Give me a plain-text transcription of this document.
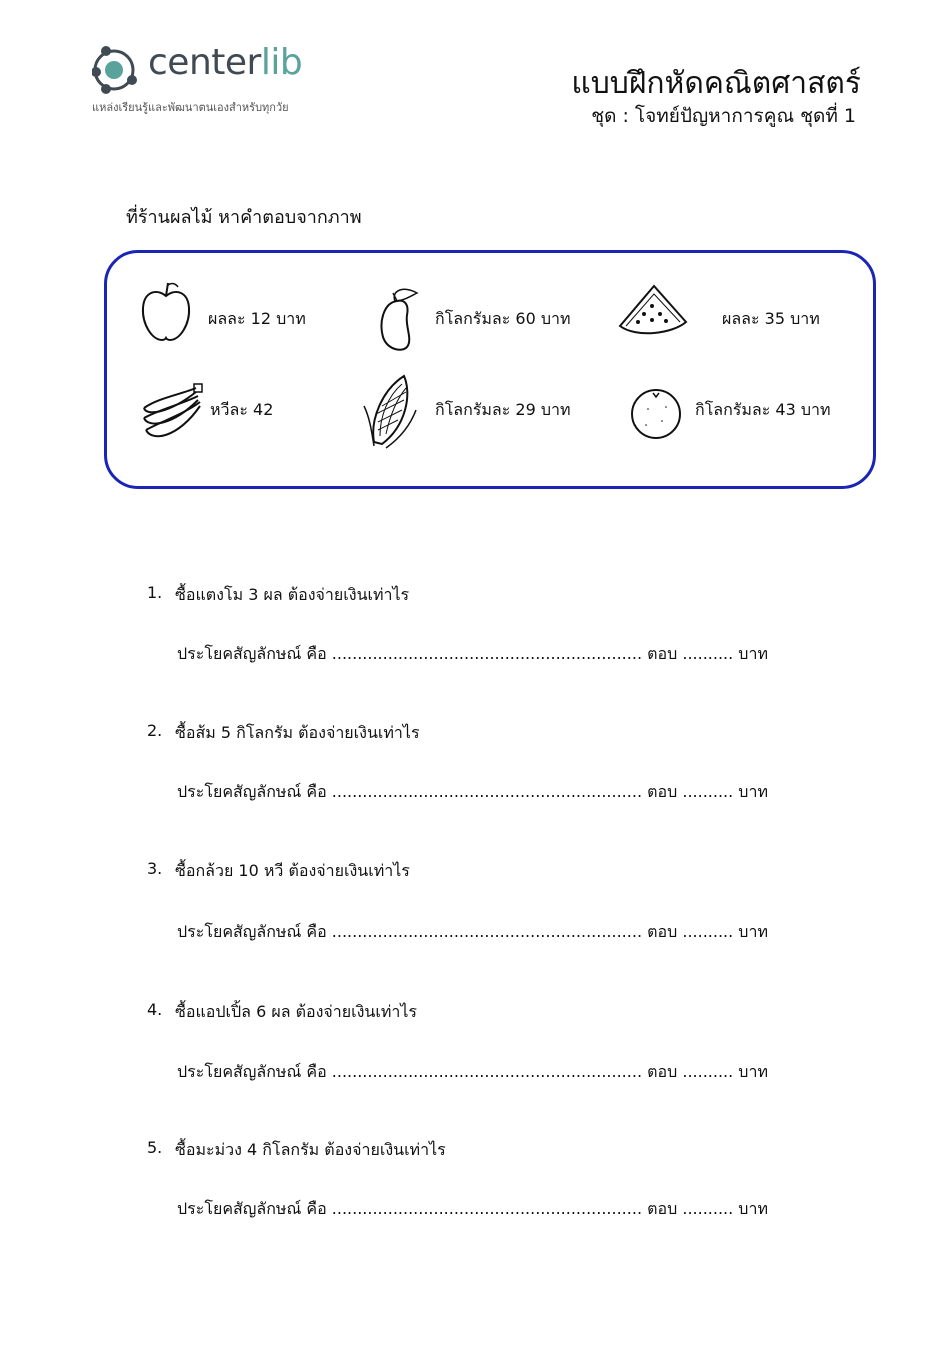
centerlib
แหล่งเรียนรู้และพัฒนาตนเองสำหรับทุกวัย
แบบฝึกหัดคณิตศาสตร์
ชุด : โจทย์ปัญหาการคูณ ชุดที่ 1
ที่ร้านผลไม้ หาคำตอบจากภาพ
ผลละ 12 บาท	กิโลกรัมละ 60 บาท	ผลละ 35 บาท
หวีละ 42	กิโลกรัมละ 29 บาท	กิโลกรัมละ 43 บาท
1. ซื้อแตงโม 3 ผล ต้องจ่ายเงินเท่าไร
ประโยคสัญลักษณ์ คือ ............................................................. ตอบ .......... บาท
2. ซื้อส้ม 5 กิโลกรัม ต้องจ่ายเงินเท่าไร
ประโยคสัญลักษณ์ คือ ............................................................. ตอบ .......... บาท
3. ซื้อกล้วย 10 หวี ต้องจ่ายเงินเท่าไร
ประโยคสัญลักษณ์ คือ ............................................................. ตอบ .......... บาท
4. ซื้อแอปเปิ้ล 6 ผล ต้องจ่ายเงินเท่าไร
ประโยคสัญลักษณ์ คือ ............................................................. ตอบ .......... บาท
5. ซื้อมะม่วง 4 กิโลกรัม ต้องจ่ายเงินเท่าไร
ประโยคสัญลักษณ์ คือ ............................................................. ตอบ .......... บาท
